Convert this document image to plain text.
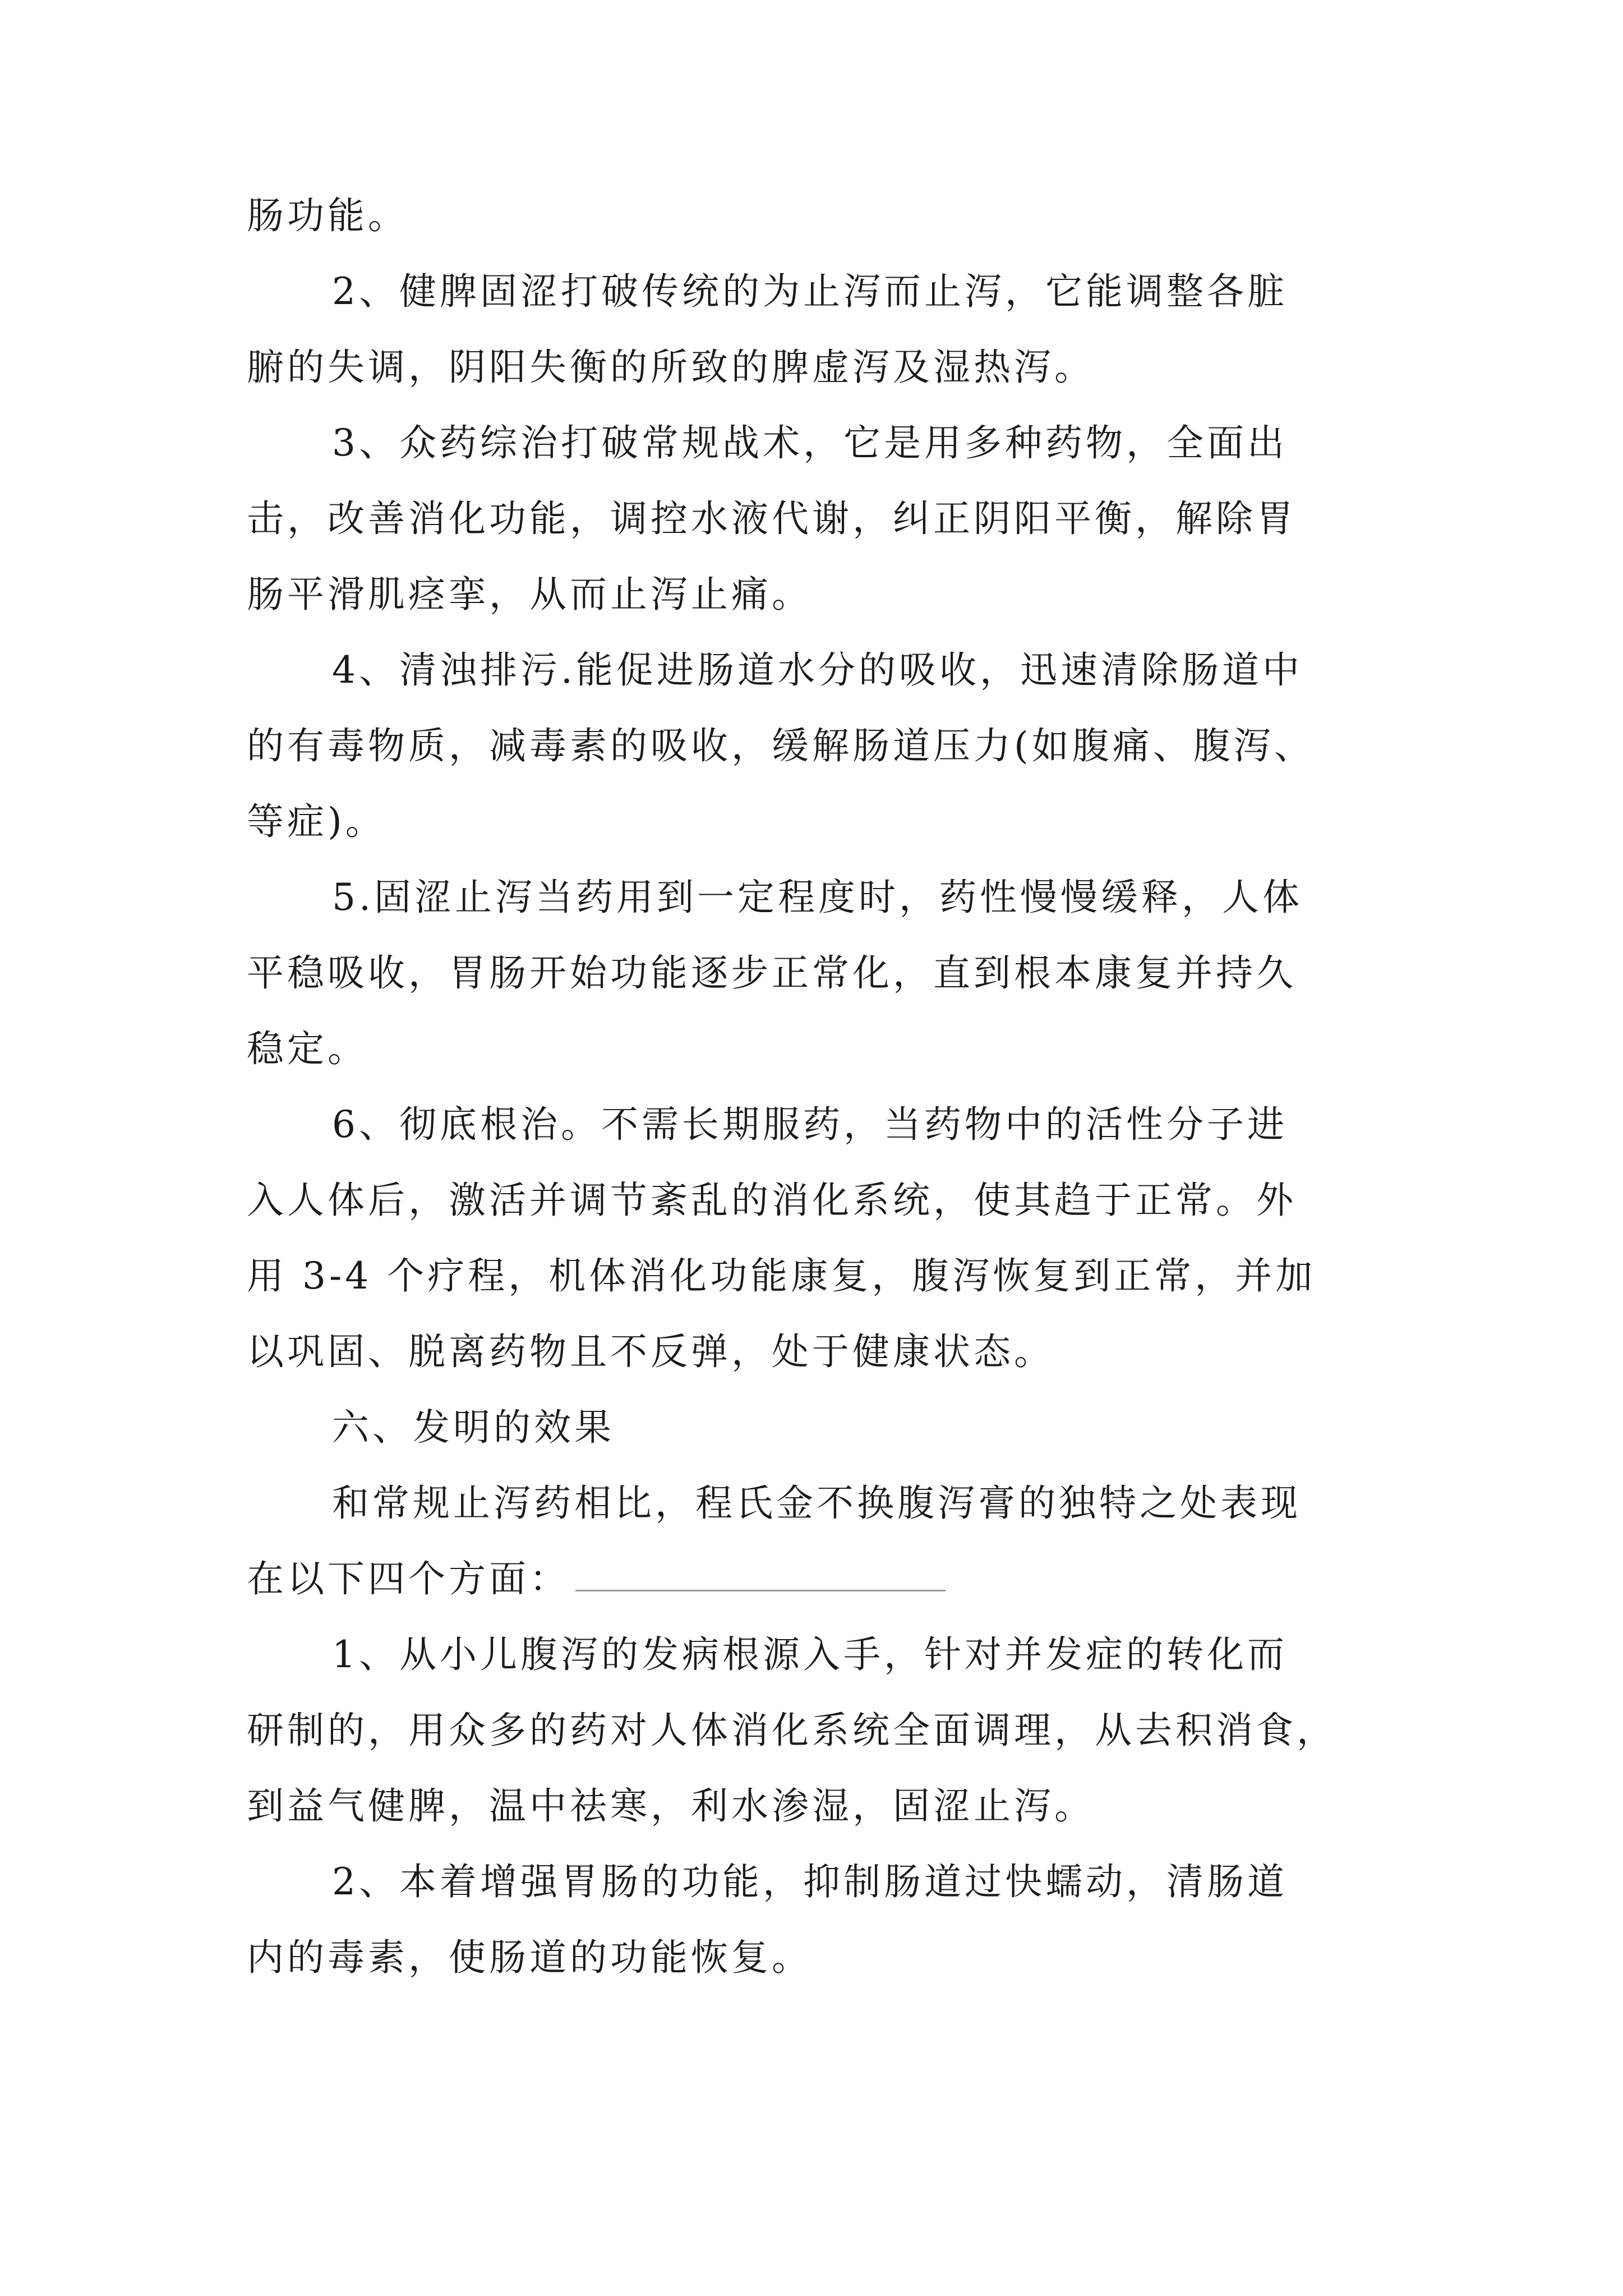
肠功能。
2、健脾固涩打破传统的为止泻而止泻，它能调整各脏
腑的失调，阴阳失衡的所致的脾虚泻及湿热泻。
3、众药综治打破常规战术，它是用多种药物，全面出
击，改善消化功能，调控水液代谢，纠正阴阳平衡，解除胃
肠平滑肌痉挛，从而止泻止痛。
4、清浊排污.能促进肠道水分的吸收，迅速清除肠道中
的有毒物质，减毒素的吸收，缓解肠道压力(如腹痛、腹泻、
等症)。
5.固涩止泻当药用到一定程度时，药性慢慢缓释，人体
平稳吸收，胃肠开始功能逐步正常化，直到根本康复并持久
稳定。
6、彻底根治。不需长期服药，当药物中的活性分子进
入人体后，激活并调节紊乱的消化系统，使其趋于正常。外
用 3-4 个疗程，机体消化功能康复，腹泻恢复到正常，并加
以巩固、脱离药物且不反弹，处于健康状态。
六、发明的效果
和常规止泻药相比，程氏金不换腹泻膏的独特之处表现
在以下四个方面：
1、从小儿腹泻的发病根源入手，针对并发症的转化而
研制的，用众多的药对人体消化系统全面调理，从去积消食，
到益气健脾，温中祛寒，利水渗湿，固涩止泻。
2、本着增强胃肠的功能，抑制肠道过快蠕动，清肠道
内的毒素，使肠道的功能恢复。
